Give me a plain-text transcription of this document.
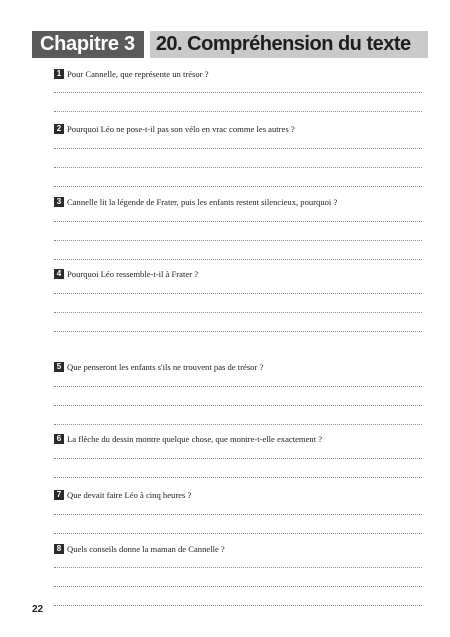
Chapitre 3	20. Compréhension du texte
1 Pour Cannelle, que représente un trésor ?
2 Pourquoi Léo ne pose-t-il pas son vélo en vrac comme les autres ?
3 Cannelle lit la légende de Frater, puis les enfants restent silencieux, pourquoi ?
4 Pourquoi Léo ressemble-t-il à Frater ?
5 Que penseront les enfants s'ils ne trouvent pas de trésor ?
6 La flèche du dessin montre quelque chose, que montre-t-elle exactement ?
7 Que devait faire Léo à cinq heures ?
8 Quels conseils donne la maman de Cannelle ?
22
